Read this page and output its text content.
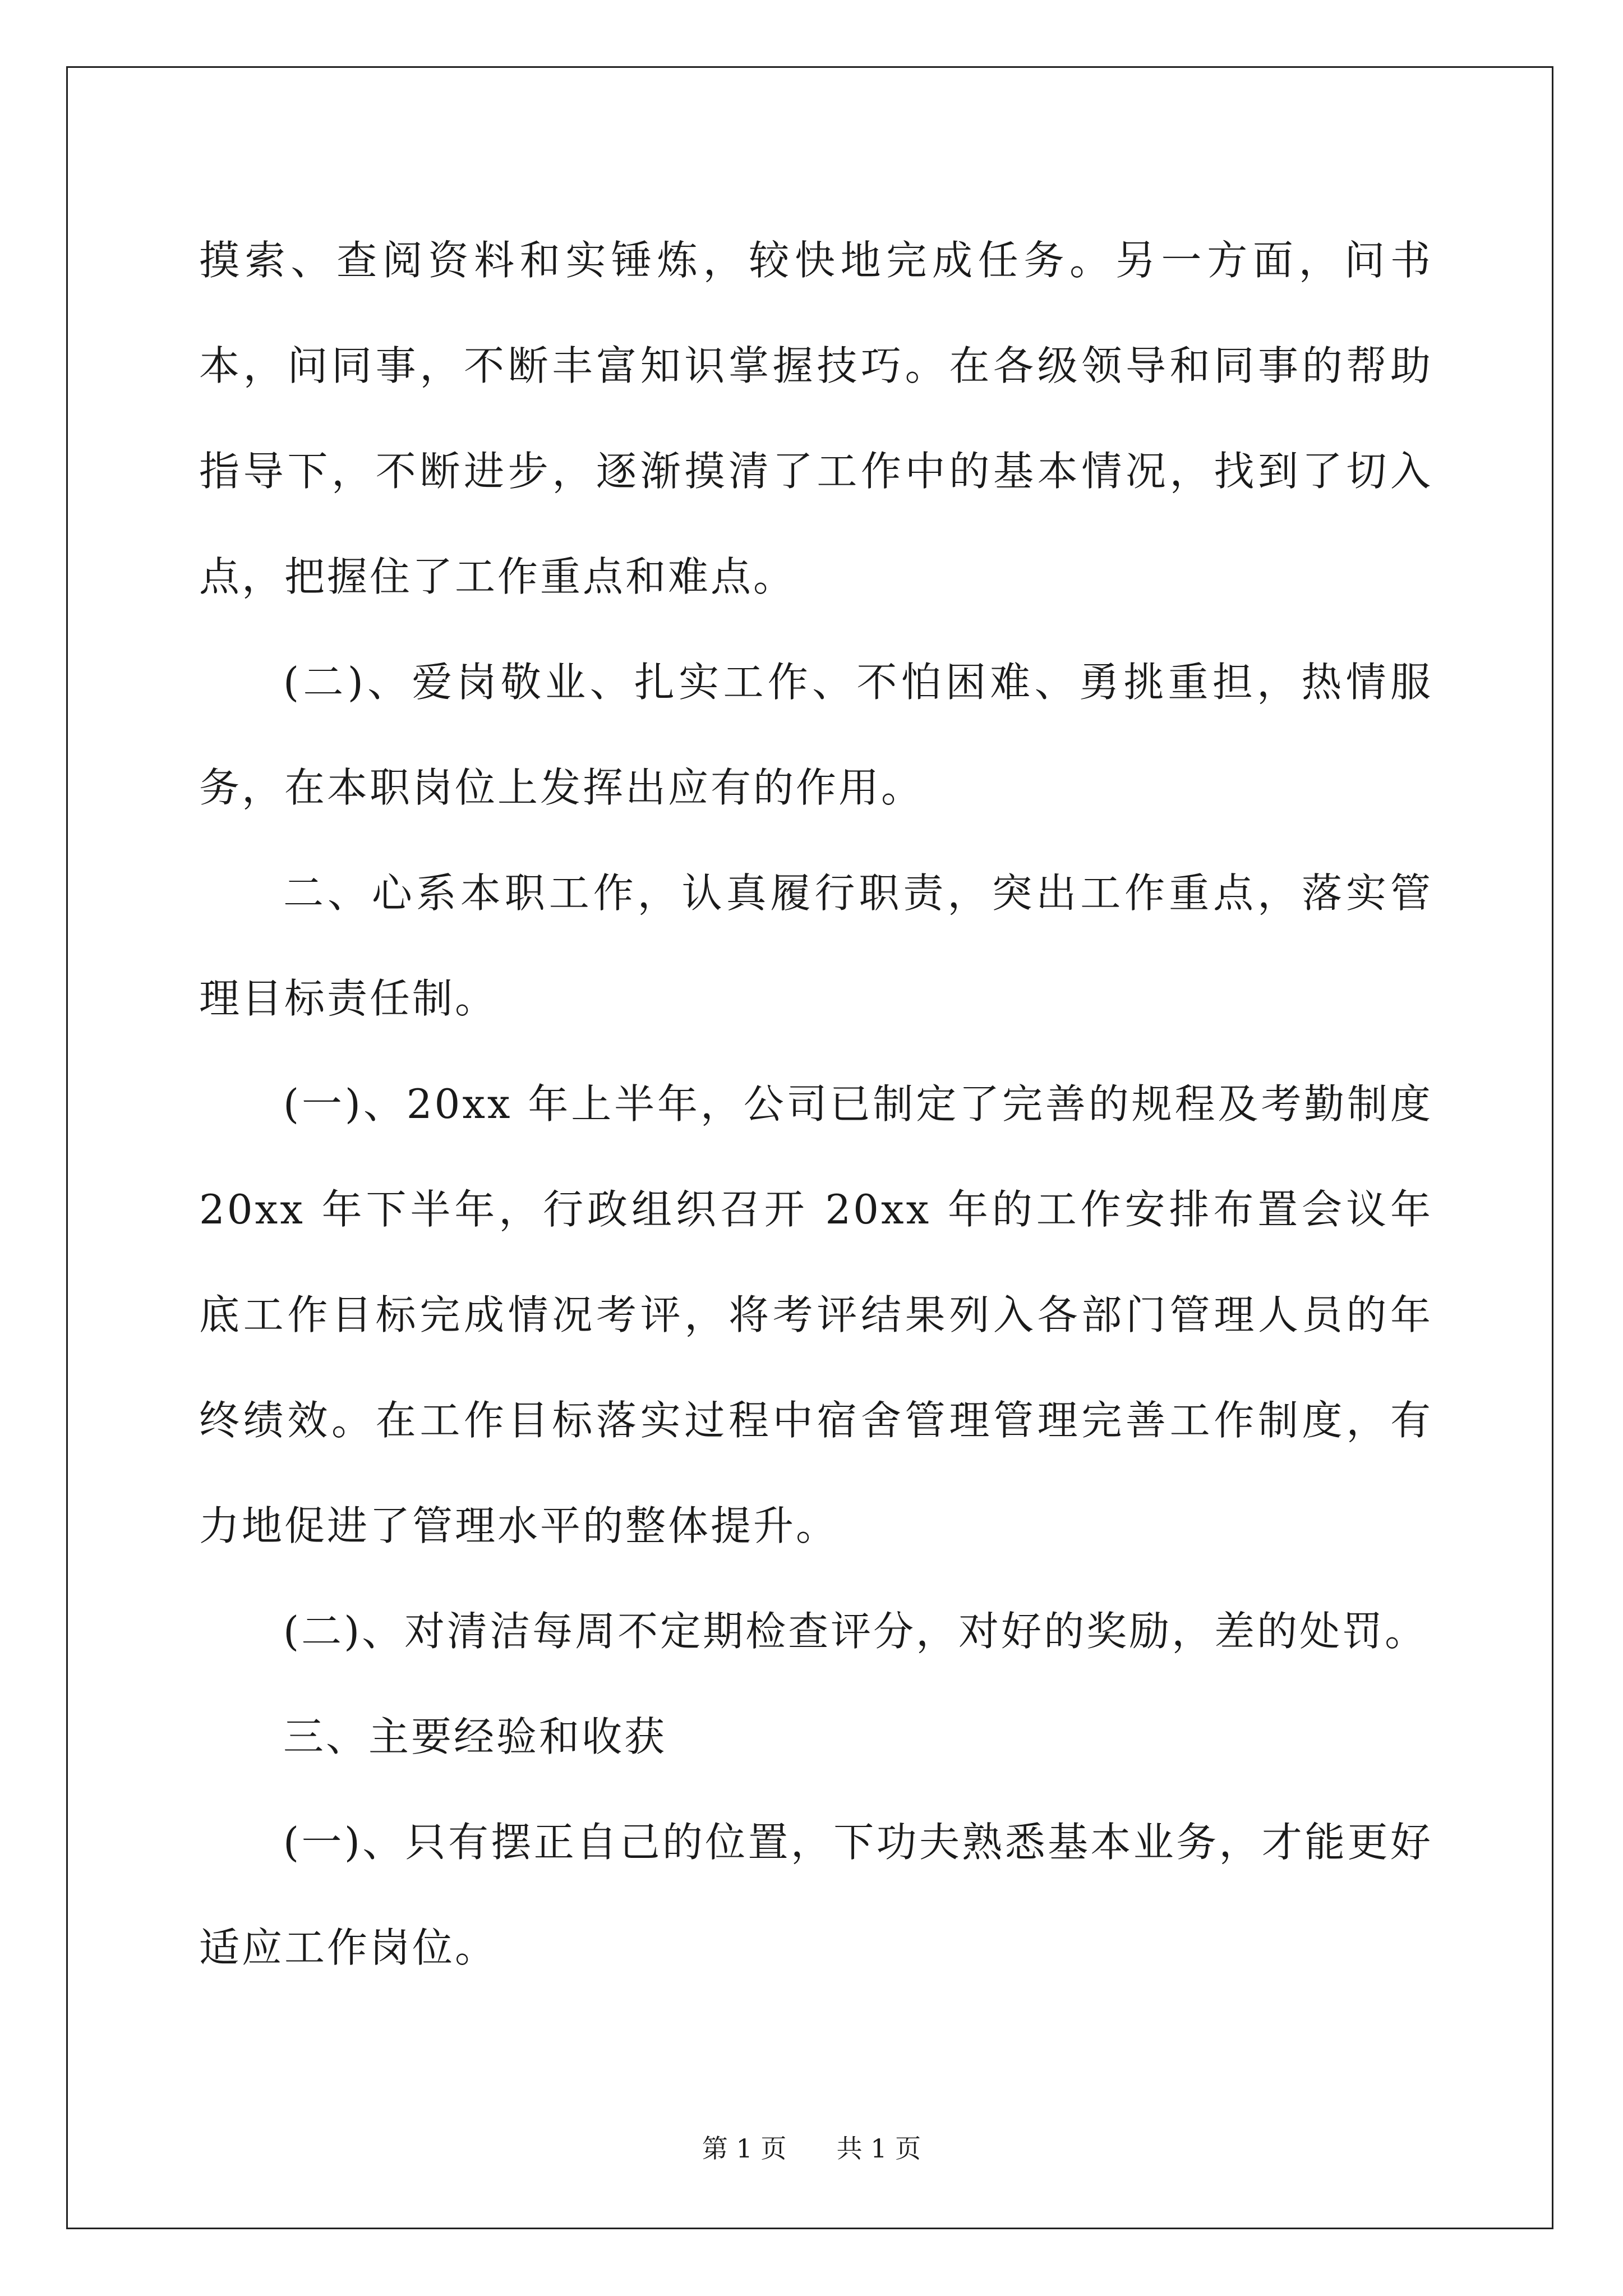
摸索、查阅资料和实锤炼，较快地完成任务。另一方面，问书本，问同事，不断丰富知识掌握技巧。在各级领导和同事的帮助指导下，不断进步，逐渐摸清了工作中的基本情况，找到了切入点，把握住了工作重点和难点。

(二)、爱岗敬业、扎实工作、不怕困难、勇挑重担，热情服务，在本职岗位上发挥出应有的作用。

二、心系本职工作，认真履行职责，突出工作重点，落实管理目标责任制。

(一)、20xx 年上半年，公司已制定了完善的规程及考勤制度 20xx 年下半年，行政组织召开 20xx 年的工作安排布置会议年底工作目标完成情况考评，将考评结果列入各部门管理人员的年终绩效。在工作目标落实过程中宿舍管理管理完善工作制度，有力地促进了管理水平的整体提升。

(二)、对清洁每周不定期检查评分，对好的奖励，差的处罚。

三、主要经验和收获

(一)、只有摆正自己的位置，下功夫熟悉基本业务，才能更好适应工作岗位。

第 1 页 共 1 页
